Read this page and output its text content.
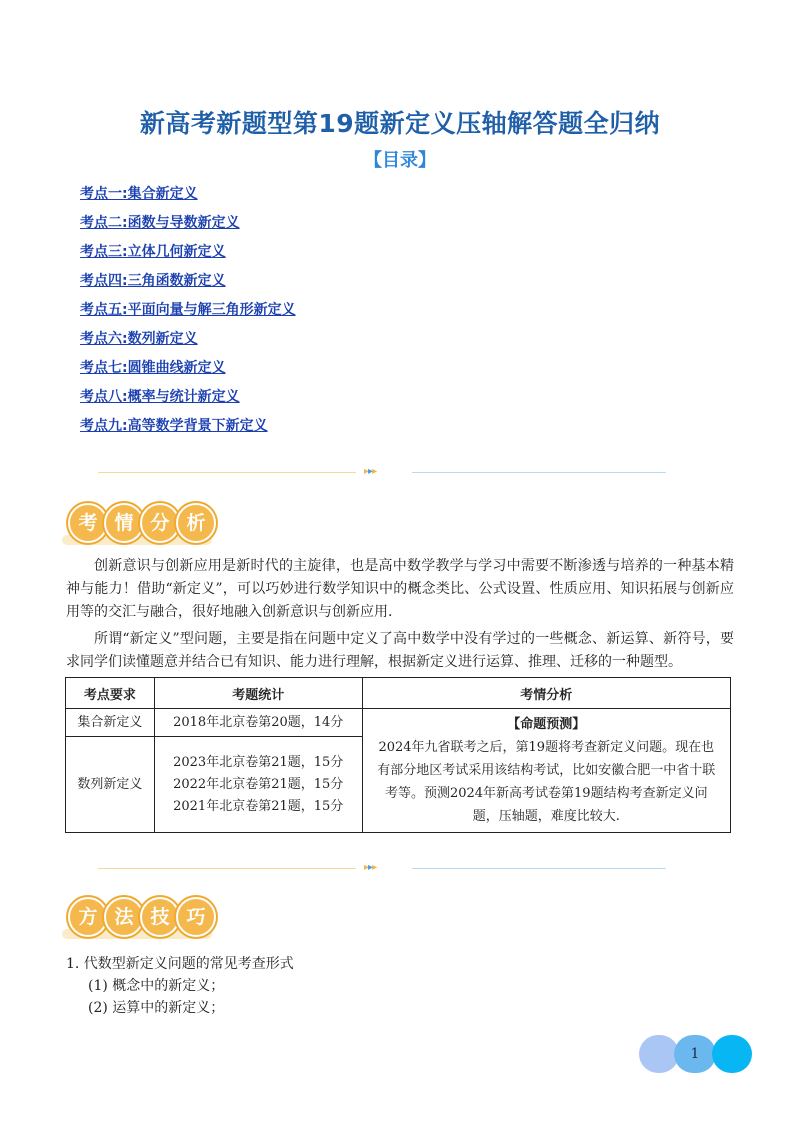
新高考新题型第19题新定义压轴解答题全归纳
【目录】
考点一:集合新定义
考点二:函数与导数新定义
考点三:立体几何新定义
考点四:三角函数新定义
考点五:平面向量与解三角形新定义
考点六:数列新定义
考点七:圆锥曲线新定义
考点八:概率与统计新定义
考点九:高等数学背景下新定义
▸▸▸
考 情 分 析

创新意识与创新应用是新时代的主旋律，也是高中数学教学与学习中需要不断渗透与培养的一种基本精神与能力！借助“新定义”，可以巧妙进行数学知识中的概念类比、公式设置、性质应用、知识拓展与创新应用等的交汇与融合，很好地融入创新意识与创新应用.

所谓“新定义”型问题，主要是指在问题中定义了高中数学中没有学过的一些概念、新运算、新符号，要求同学们读懂题意并结合已有知识、能力进行理解，根据新定义进行运算、推理、迁移的一种题型。

考点要求	考题统计	考情分析
集合新定义	2018年北京卷第20题，14分	【命题预测】
2024年九省联考之后，第19题将考查新定义问题。现在也有部分地区考试采用该结构考试，比如安徽合肥一中省十联考等。预测2024年新高考试卷第19题结构考查新定义问题，压轴题，难度比较大.

数列新定义	2023年北京卷第21题，15分
2022年北京卷第21题，15分
2021年北京卷第21题，15分	
▸▸▸
方 法 技 巧
1. 代数型新定义问题的常见考查形式
(1) 概念中的新定义；
(2) 运算中的新定义；
1
